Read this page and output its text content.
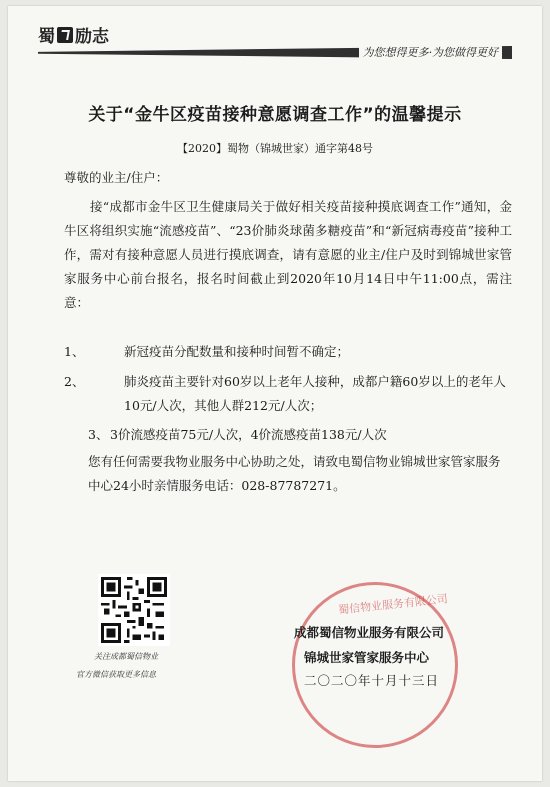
蜀 励志
为您想得更多·为您做得更好
关于“金牛区疫苗接种意愿调查工作”的温馨提示
【2020】蜀物（锦城世家）通字第48号
尊敬的业主/住户：
接“成都市金牛区卫生健康局关于做好相关疫苗接种摸底调查工作”通知，金牛区将组织实施“流感疫苗”、“23价肺炎球菌多糖疫苗”和“新冠病毒疫苗”接种工作，需对有接种意愿人员进行摸底调查，请有意愿的业主/住户及时到锦城世家管家服务中心前台报名，报名时间截止到2020年10月14日中午11:00点，需注意：
1、	新冠疫苗分配数量和接种时间暂不确定；
2、	肺炎疫苗主要针对60岁以上老年人接种，成都户籍60岁以上的老年人10元/人次，其他人群212元/人次；
3、 3价流感疫苗75元/人次，4价流感疫苗138元/人次
您有任何需要我物业服务中心协助之处，请致电蜀信物业锦城世家管家服务中心24小时亲情服务电话：028-87787271。
关注成都蜀信物业
官方微信获取更多信息
蜀信物业服务有限公司
成都蜀信物业服务有限公司
锦城世家管家服务中心
二〇二〇年十月十三日
